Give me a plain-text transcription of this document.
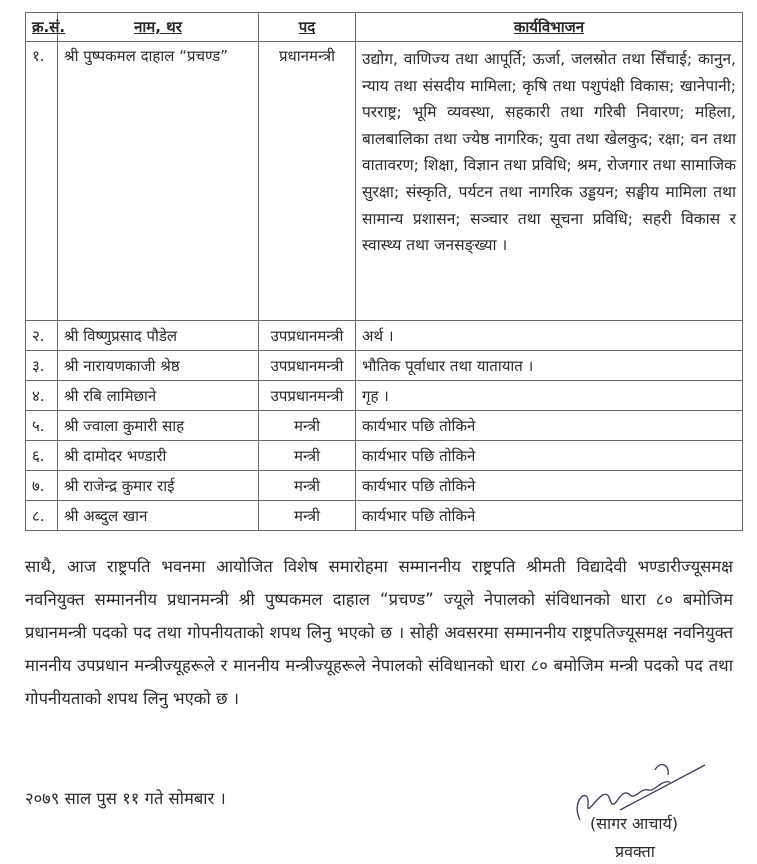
क्र.सं.	नाम, थर	पद	कार्यविभाजन
१.	श्री पुष्पकमल दाहाल “प्रचण्ड”	प्रधानमन्त्री	उद्योग, वाणिज्य तथा आपूर्ति; ऊर्जा, जलस्रोत तथा सिँचाई; कानुन, न्याय तथा संसदीय मामिला; कृषि तथा पशुपंक्षी विकास; खानेपानी; परराष्ट्र; भूमि व्यवस्था, सहकारी तथा गरिबी निवारण; महिला, बालबालिका तथा ज्येष्ठ नागरिक; युवा तथा खेलकुद; रक्षा; वन तथा वातावरण; शिक्षा, विज्ञान तथा प्रविधि; श्रम, रोजगार तथा सामाजिक सुरक्षा; संस्कृति, पर्यटन तथा नागरिक उड्डयन; सङ्घीय मामिला तथा सामान्य प्रशासन; सञ्चार तथा सूचना प्रविधि; सहरी विकास र स्वास्थ्य तथा जनसङ्ख्या ।
२.	श्री विष्णुप्रसाद पौडेल	उपप्रधानमन्त्री	अर्थ ।
३.	श्री नारायणकाजी श्रेष्ठ	उपप्रधानमन्त्री	भौतिक पूर्वाधार तथा यातायात ।
४.	श्री रबि लामिछाने	उपप्रधानमन्त्री	गृह ।
५.	श्री ज्वाला कुमारी साह	मन्त्री	कार्यभार पछि तोकिने
६.	श्री दामोदर भण्डारी	मन्त्री	कार्यभार पछि तोकिने
७.	श्री राजेन्द्र कुमार राई	मन्त्री	कार्यभार पछि तोकिने
८.	श्री अब्दुल खान	मन्त्री	कार्यभार पछि तोकिने
साथै, आज राष्ट्रपति भवनमा आयोजित विशेष समारोहमा सम्माननीय राष्ट्रपति श्रीमती विद्यादेवी भण्डारीज्यूसमक्ष नवनियुक्त सम्माननीय प्रधानमन्त्री श्री पुष्पकमल दाहाल “प्रचण्ड” ज्यूले नेपालको संविधानको धारा ८० बमोजिम प्रधानमन्त्री पदको पद तथा गोपनीयताको शपथ लिनु भएको छ । सोही अवसरमा सम्माननीय राष्ट्रपतिज्यूसमक्ष नवनियुक्त माननीय उपप्रधान मन्त्रीज्यूहरूले र माननीय मन्त्रीज्यूहरूले नेपालको संविधानको धारा ८० बमोजिम मन्त्री पदको पद तथा गोपनीयताको शपथ लिनु भएको छ ।
२०७९ साल पुस ११ गते सोमबार ।
(सागर आचार्य)
प्रवक्ता
